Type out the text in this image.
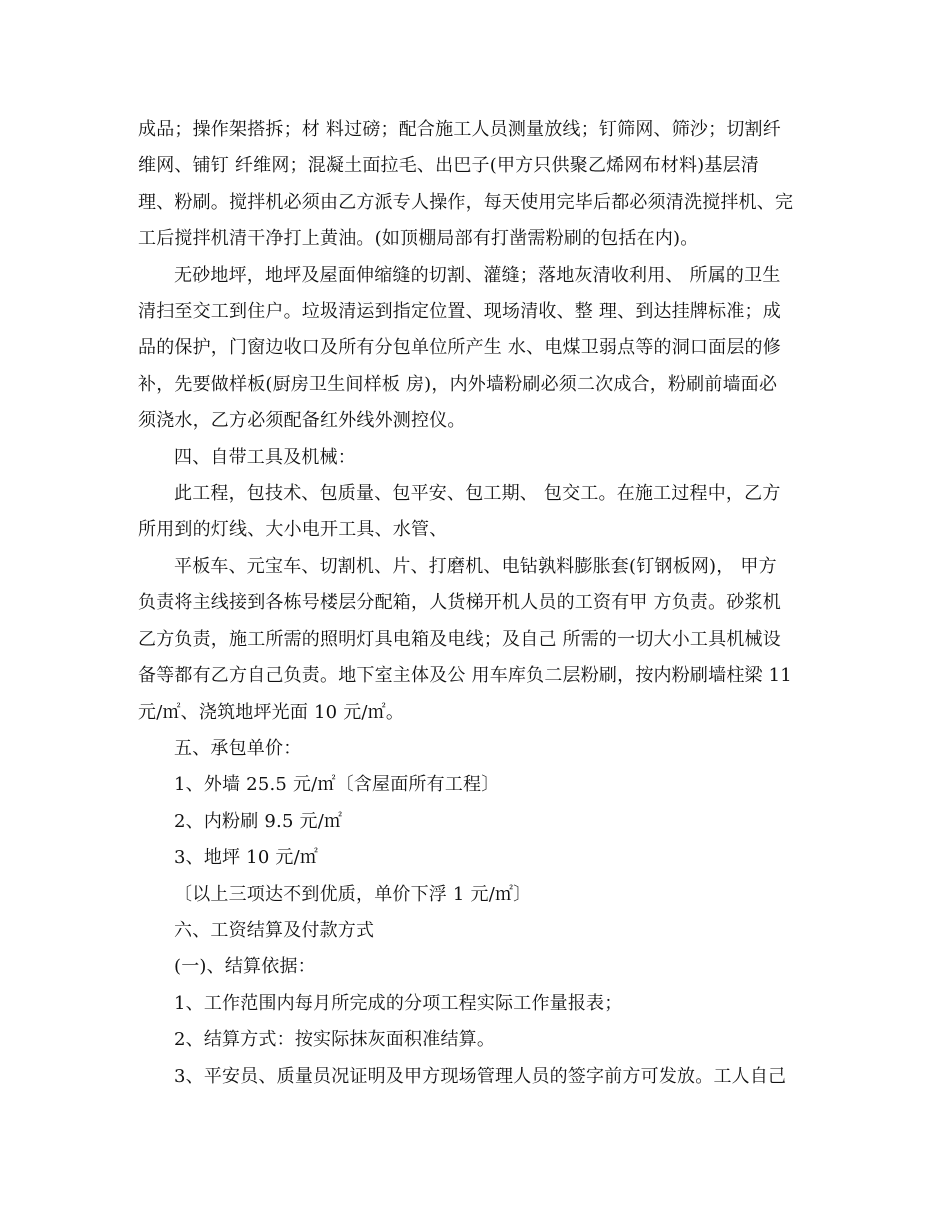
成品；操作架搭拆；材 料过磅；配合施工人员测量放线；钉筛网、筛沙；切割纤
维网、铺钉 纤维网；混凝土面拉毛、出巴子(甲方只供聚乙烯网布材料)基层清
理、粉刷。搅拌机必须由乙方派专人操作，每天使用完毕后都必须清洗搅拌机、完
工后搅拌机清干净打上黄油。(如顶棚局部有打凿需粉刷的包括在内)。
无砂地坪，地坪及屋面伸缩缝的切割、灌缝；落地灰清收利用、 所属的卫生
清扫至交工到住户。垃圾清运到指定位置、现场清收、整 理、到达挂牌标准；成
品的保护，门窗边收口及所有分包单位所产生 水、电煤卫弱点等的洞口面层的修
补，先要做样板(厨房卫生间样板 房)，内外墙粉刷必须二次成合，粉刷前墙面必
须浇水，乙方必须配备红外线外测控仪。
四、自带工具及机械：
此工程，包技术、包质量、包平安、包工期、 包交工。在施工过程中，乙方
所用到的灯线、大小电开工具、水管、
平板车、元宝车、切割机、片、打磨机、电钻孰料膨胀套(钉钢板网)， 甲方
负责将主线接到各栋号楼层分配箱，人货梯开机人员的工资有甲 方负责。砂浆机
乙方负责，施工所需的照明灯具电箱及电线；及自己 所需的一切大小工具机械设
备等都有乙方自己负责。地下室主体及公 用车库负二层粉刷，按内粉刷墙柱梁 11
元/㎡、浇筑地坪光面 10 元/㎡。
五、承包单价：
1、外墙 25.5 元/㎡〔含屋面所有工程〕
2、内粉刷 9.5 元/㎡
3、地坪 10 元/㎡
〔以上三项达不到优质，单价下浮 1 元/㎡〕
六、工资结算及付款方式
(一)、结算依据：
1、工作范围内每月所完成的分项工程实际工作量报表；
2、结算方式：按实际抹灰面积准结算。
3、平安员、质量员况证明及甲方现场管理人员的签字前方可发放。工人自己
